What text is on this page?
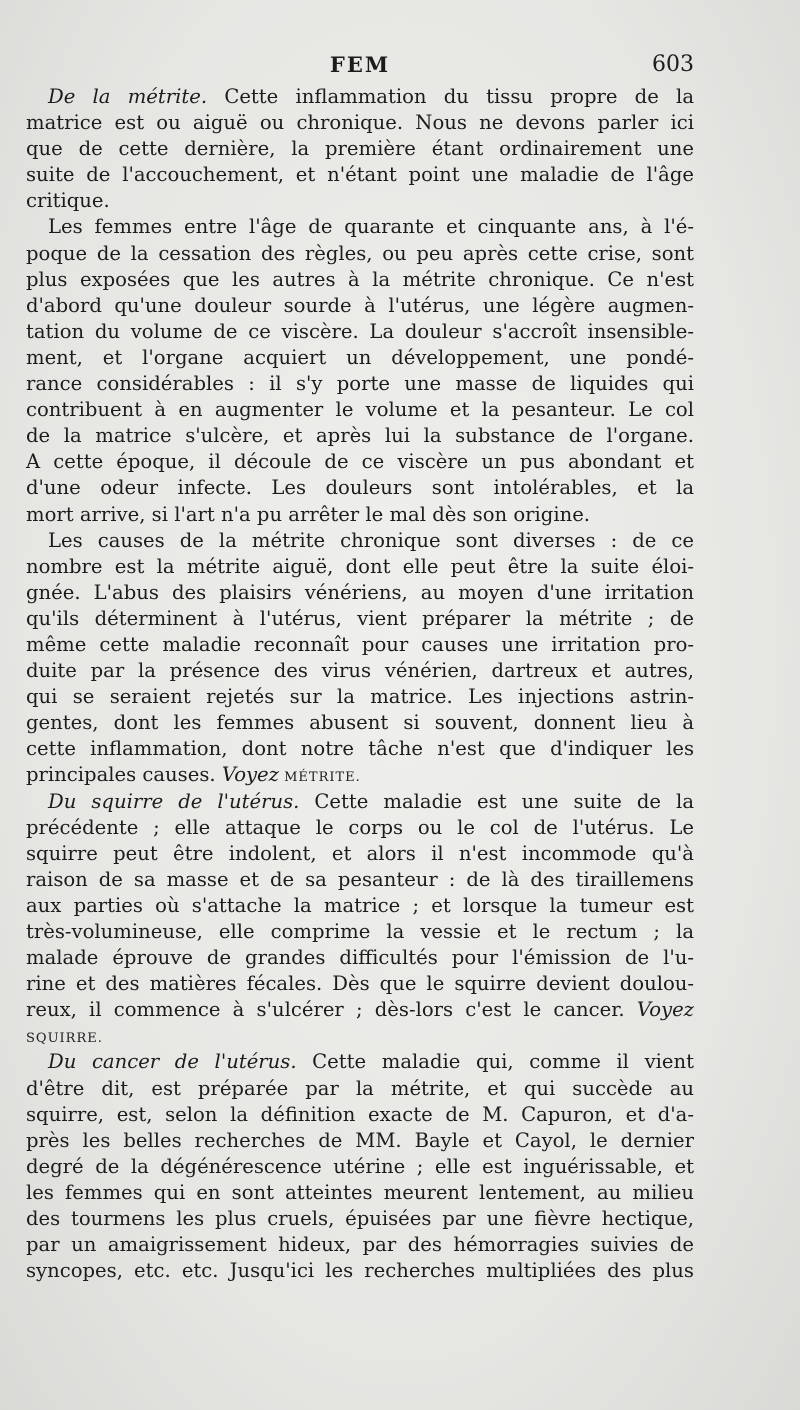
FEM	603
De la métrite. Cette inflammation du tissu propre de la
matrice est ou aiguë ou chronique. Nous ne devons parler ici
que de cette dernière, la première étant ordinairement une
suite de l'accouchement, et n'étant point une maladie de l'âge
critique.
Les femmes entre l'âge de quarante et cinquante ans, à l'é-
poque de la cessation des règles, ou peu après cette crise, sont
plus exposées que les autres à la métrite chronique. Ce n'est
d'abord qu'une douleur sourde à l'utérus, une légère augmen-
tation du volume de ce viscère. La douleur s'accroît insensible-
ment, et l'organe acquiert un développement, une pondé-
rance considérables : il s'y porte une masse de liquides qui
contribuent à en augmenter le volume et la pesanteur. Le col
de la matrice s'ulcère, et après lui la substance de l'organe.
A cette époque, il découle de ce viscère un pus abondant et
d'une odeur infecte. Les douleurs sont intolérables, et la
mort arrive, si l'art n'a pu arrêter le mal dès son origine.
Les causes de la métrite chronique sont diverses : de ce
nombre est la métrite aiguë, dont elle peut être la suite éloi-
gnée. L'abus des plaisirs vénériens, au moyen d'une irritation
qu'ils déterminent à l'utérus, vient préparer la métrite ; de
même cette maladie reconnaît pour causes une irritation pro-
duite par la présence des virus vénérien, dartreux et autres,
qui se seraient rejetés sur la matrice. Les injections astrin-
gentes, dont les femmes abusent si souvent, donnent lieu à
cette inflammation, dont notre tâche n'est que d'indiquer les
principales causes. Voyez MÉTRITE.
Du squirre de l'utérus. Cette maladie est une suite de la
précédente ; elle attaque le corps ou le col de l'utérus. Le
squirre peut être indolent, et alors il n'est incommode qu'à
raison de sa masse et de sa pesanteur : de là des tiraillemens
aux parties où s'attache la matrice ; et lorsque la tumeur est
très-volumineuse, elle comprime la vessie et le rectum ; la
malade éprouve de grandes difficultés pour l'émission de l'u-
rine et des matières fécales. Dès que le squirre devient doulou-
reux, il commence à s'ulcérer ; dès-lors c'est le cancer. Voyez
SQUIRRE.
Du cancer de l'utérus. Cette maladie qui, comme il vient
d'être dit, est préparée par la métrite, et qui succède au
squirre, est, selon la définition exacte de M. Capuron, et d'a-
près les belles recherches de MM. Bayle et Cayol, le dernier
degré de la dégénérescence utérine ; elle est inguérissable, et
les femmes qui en sont atteintes meurent lentement, au milieu
des tourmens les plus cruels, épuisées par une fièvre hectique,
par un amaigrissement hideux, par des hémorragies suivies de
syncopes, etc. etc. Jusqu'ici les recherches multipliées des plus
